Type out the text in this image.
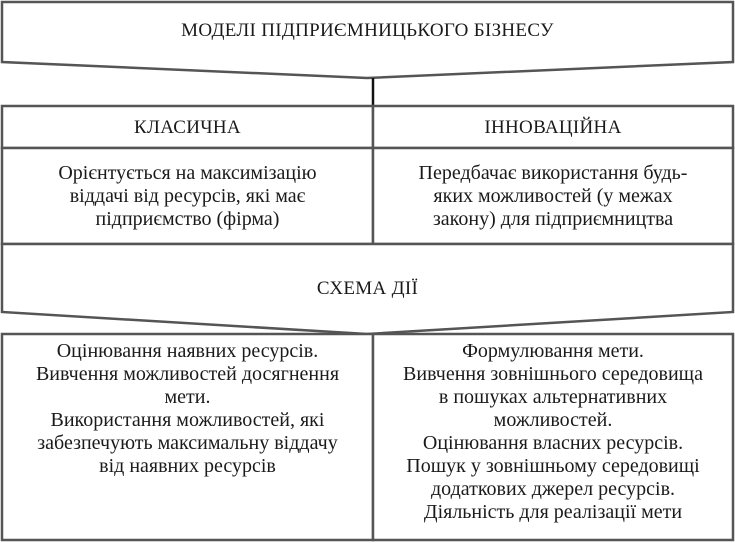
МОДЕЛІ ПІДПРИЄМНИЦЬКОГО БІЗНЕСУ
КЛАСИЧНА	ІННОВАЦІЙНА
Орієнтується на максимізацію
віддачі від ресурсів, які має
підприємство (фірма)
Передбачає використання будь-
яких можливостей (у межах
закону) для підприємництва
СХЕМА ДІЇ
Оцінювання наявних ресурсів.
Вивчення можливостей досягнення
мети.
Використання можливостей, які
забезпечують максимальну віддачу
від наявних ресурсів
Формулювання мети.
Вивчення зовнішнього середовища
в пошуках альтернативних
можливостей.
Оцінювання власних ресурсів.
Пошук у зовнішньому середовищі
додаткових джерел ресурсів.
Діяльність для реалізації мети
